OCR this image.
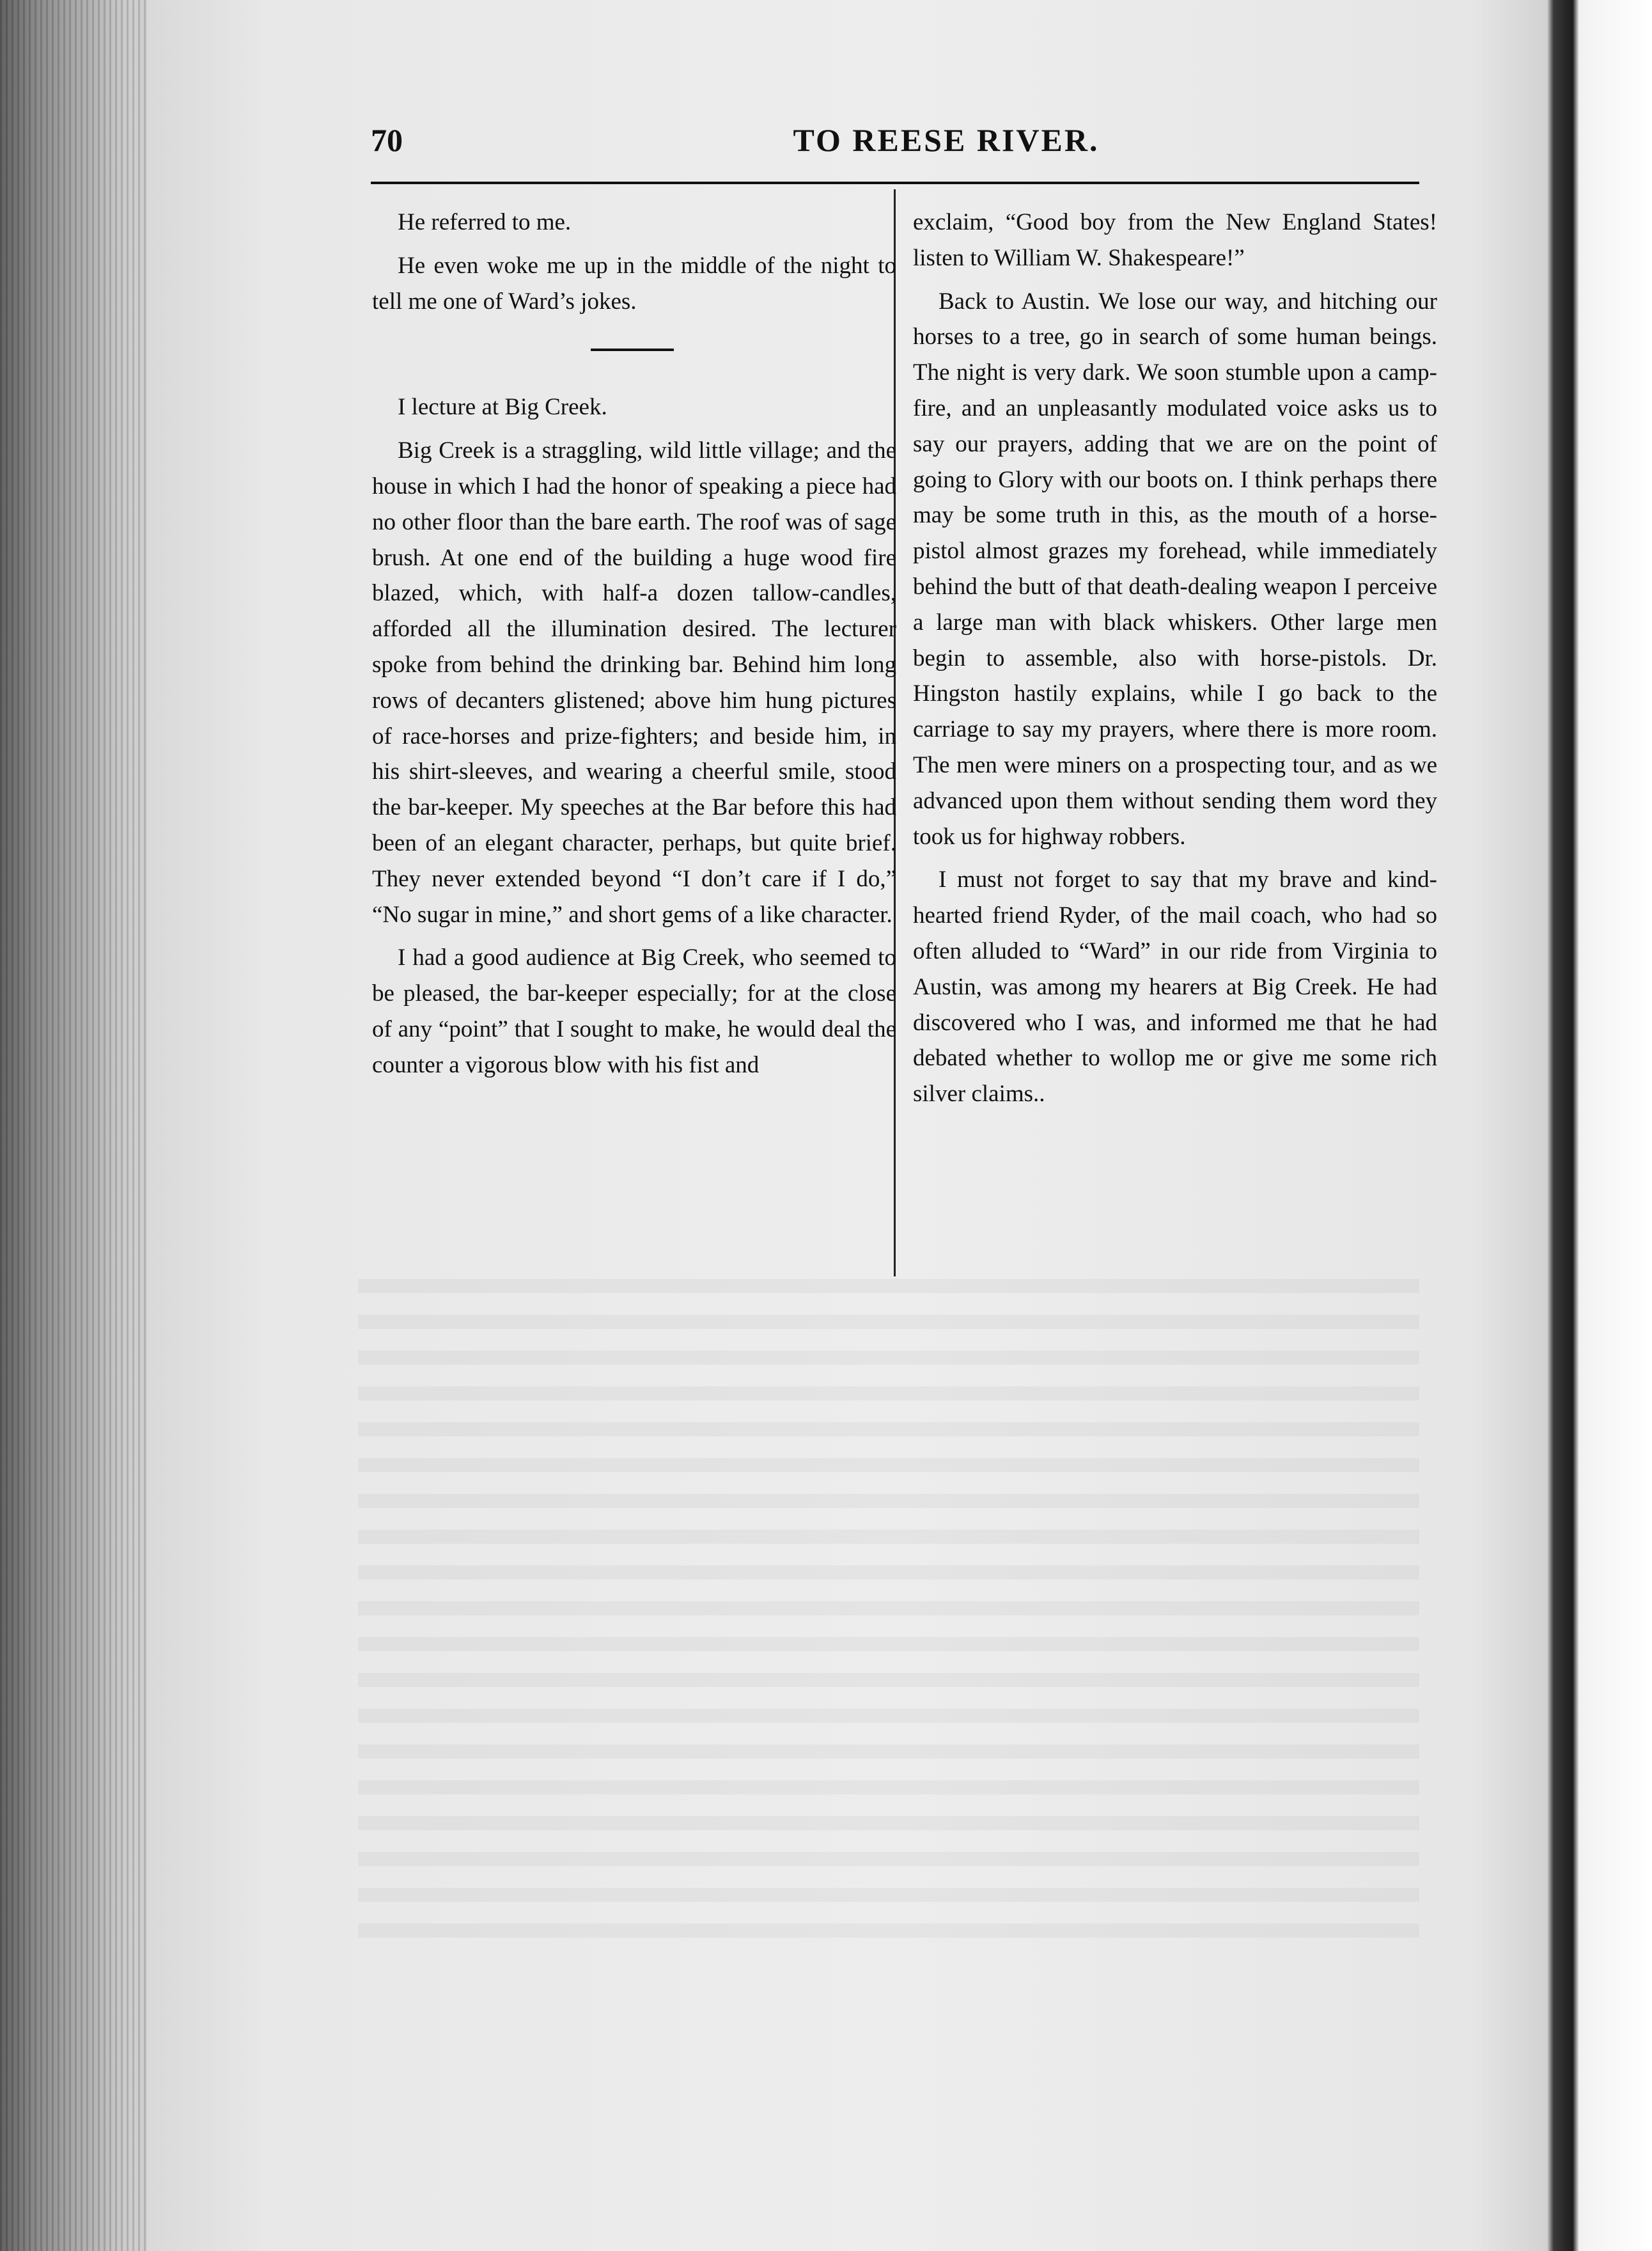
70	TO REESE RIVER.

He referred to me.

He even woke me up in the middle of the night to tell me one of Ward’s jokes.

I lecture at Big Creek.

Big Creek is a straggling, wild little village; and the house in which I had the honor of speaking a piece had no other floor than the bare earth. The roof was of sage brush. At one end of the building a huge wood fire blazed, which, with half-a dozen tallow-candles, afforded all the illumination desired. The lecturer spoke from behind the drinking bar. Behind him long rows of decanters glistened; above him hung pictures of race-horses and prize-fighters; and beside him, in his shirt-sleeves, and wearing a cheerful smile, stood the bar-keeper. My speeches at the Bar before this had been of an elegant character, perhaps, but quite brief. They never extended beyond “I don’t care if I do,” “No sugar in mine,” and short gems of a like character.

I had a good audience at Big Creek, who seemed to be pleased, the bar-keeper especially; for at the close of any “point” that I sought to make, he would deal the counter a vigorous blow with his fist and

exclaim, “Good boy from the New England States! listen to William W. Shakespeare!”

Back to Austin. We lose our way, and hitching our horses to a tree, go in search of some human beings. The night is very dark. We soon stumble upon a camp-fire, and an unpleasantly modulated voice asks us to say our prayers, adding that we are on the point of going to Glory with our boots on. I think perhaps there may be some truth in this, as the mouth of a horse-pistol almost grazes my forehead, while immediately behind the butt of that death-dealing weapon I perceive a large man with black whiskers. Other large men begin to assemble, also with horse-pistols. Dr. Hingston hastily explains, while I go back to the carriage to say my prayers, where there is more room. The men were miners on a prospecting tour, and as we advanced upon them without sending them word they took us for highway robbers.

I must not forget to say that my brave and kind-hearted friend Ryder, of the mail coach, who had so often alluded to “Ward” in our ride from Virginia to Austin, was among my hearers at Big Creek. He had discovered who I was, and informed me that he had debated whether to wollop me or give me some rich silver claims..
